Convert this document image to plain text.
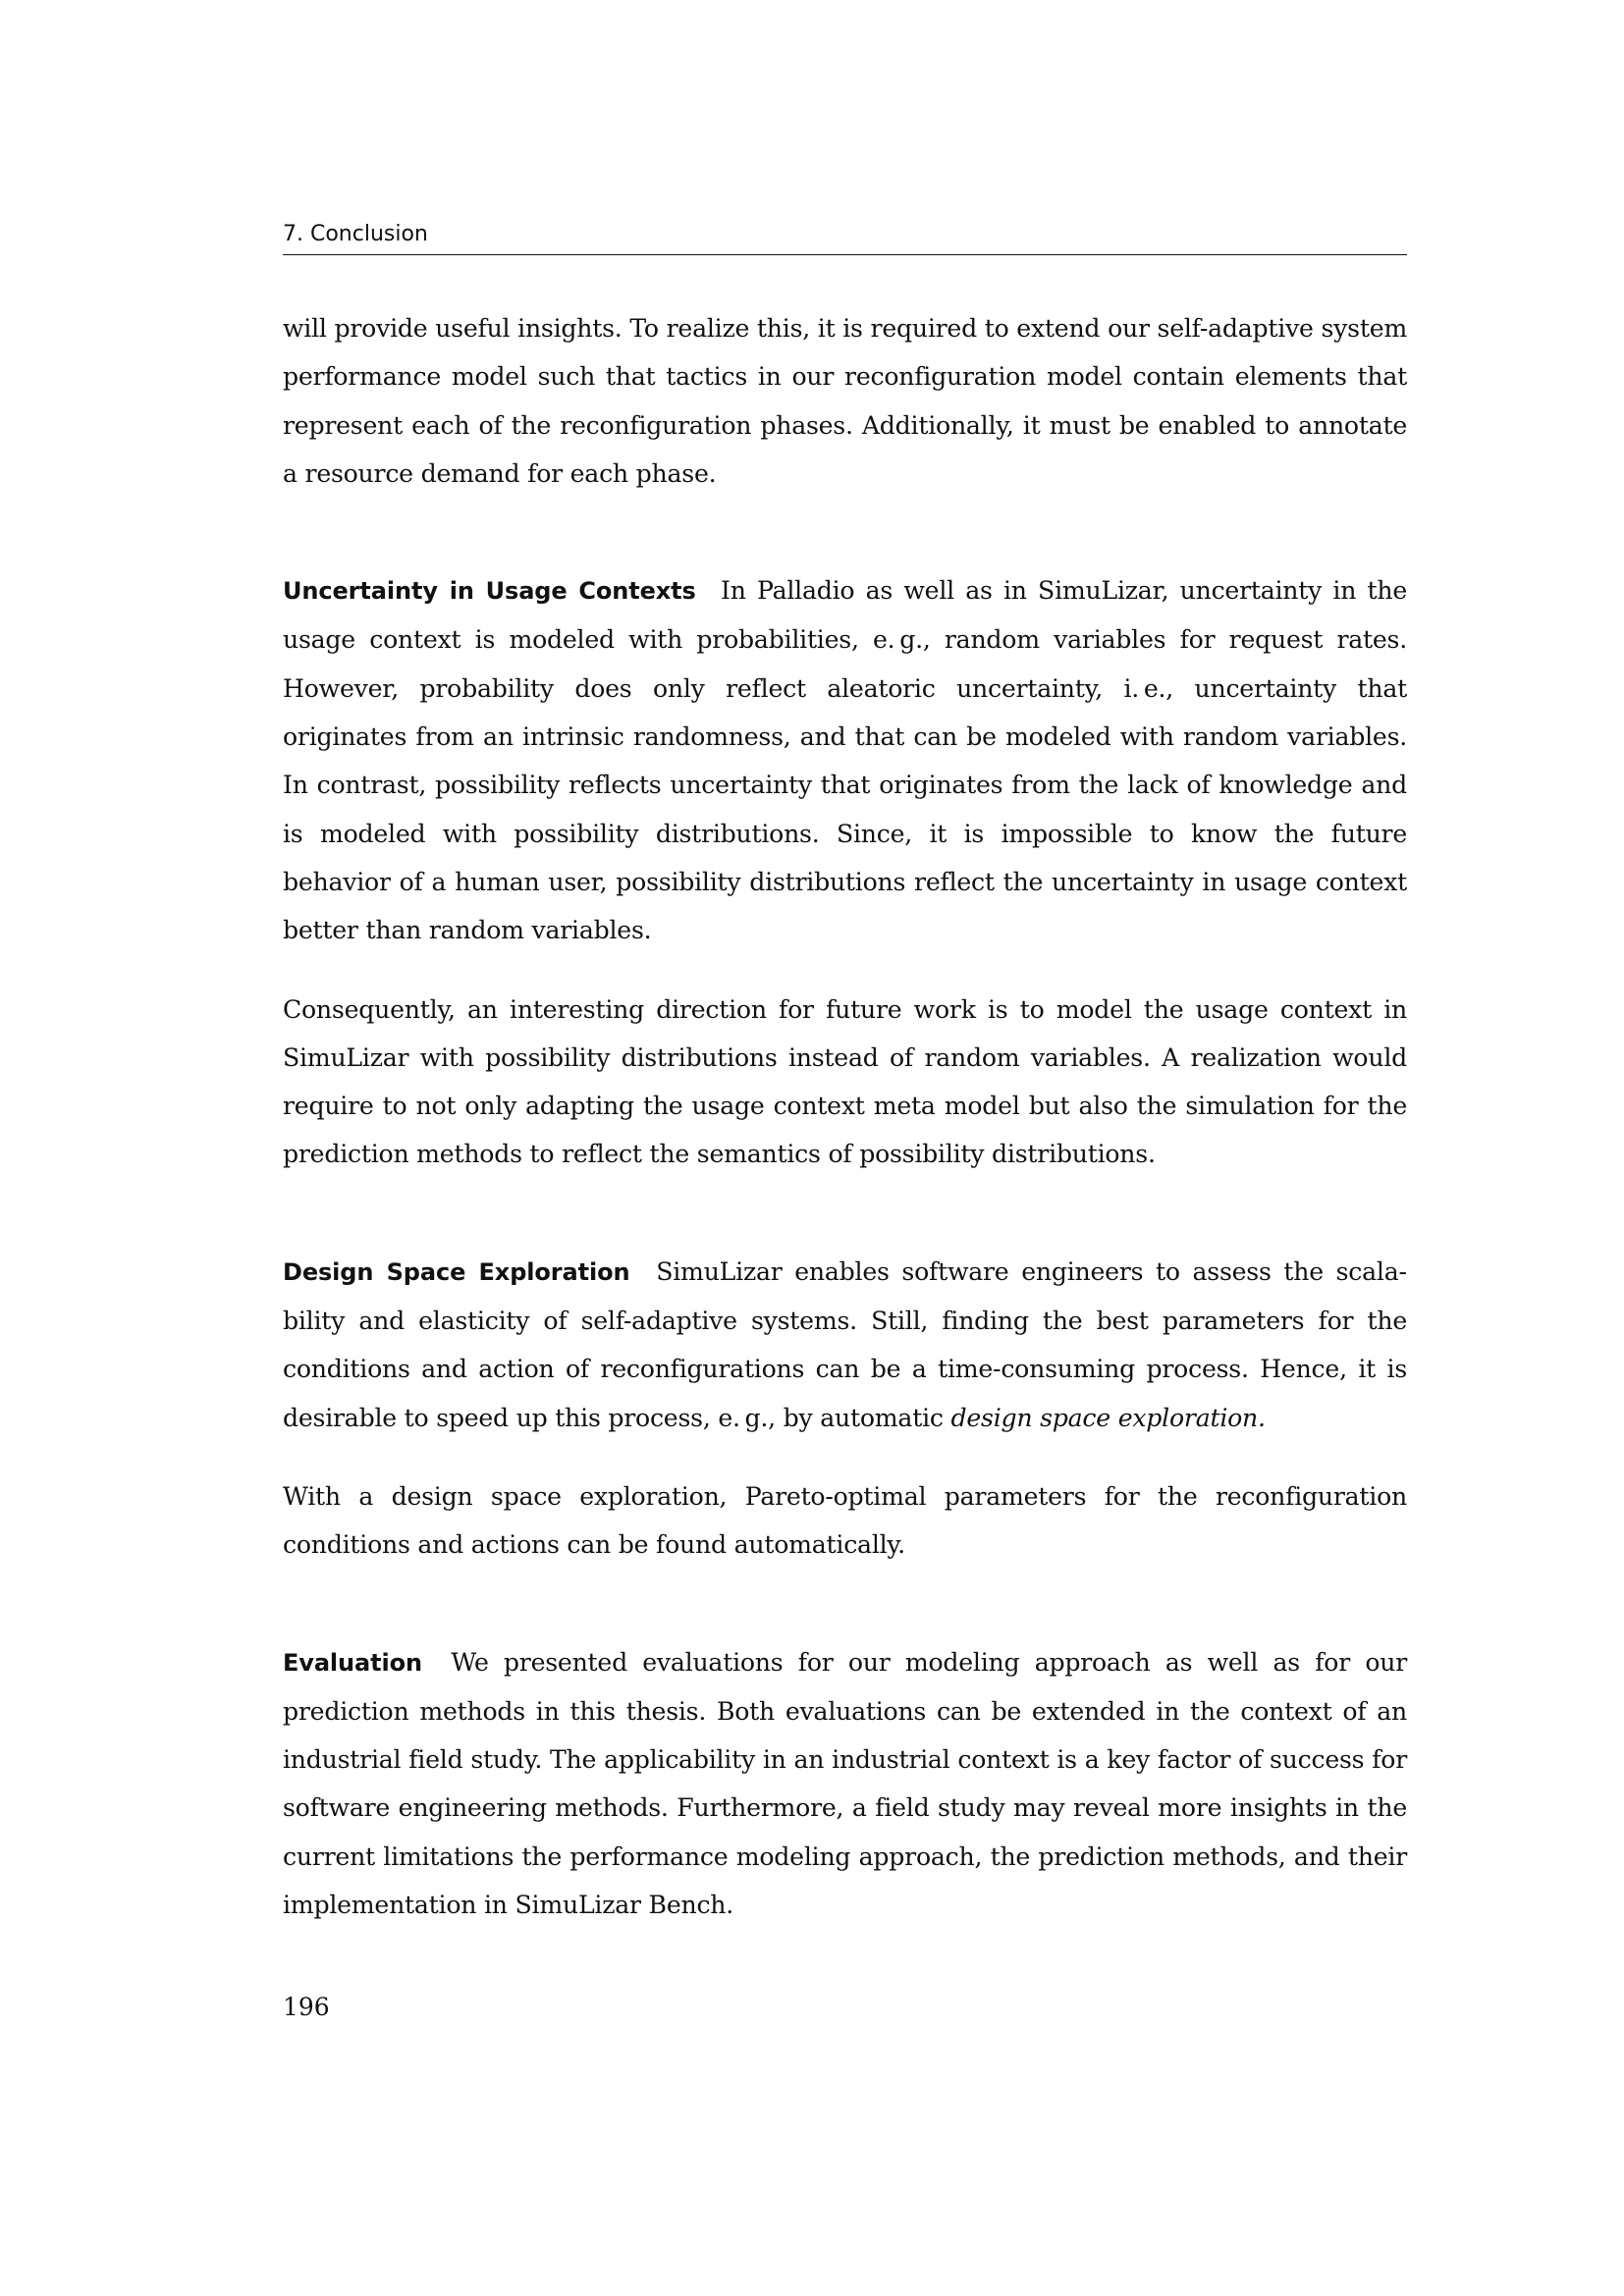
7. Conclusion

will provide useful insights. To realize this, it is required to extend our self-adaptive system performance model such that tactics in our reconfiguration model contain elements that represent each of the reconfiguration phases. Additionally, it must be enabled to annotate a resource demand for each phase.

Uncertainty in Usage Contexts In Palladio as well as in SimuLizar, uncertainty in the usage context is modeled with probabilities, e. g., random variables for request rates. However, probability does only reflect aleatoric uncertainty, i. e., uncertainty that originates from an intrinsic randomness, and that can be modeled with random variables. In contrast, possibility reflects uncertainty that originates from the lack of knowledge and is modeled with possibility distributions. Since, it is impossible to know the future behavior of a human user, possibility distributions reflect the uncertainty in usage context better than random variables.

Consequently, an interesting direction for future work is to model the usage context in SimuLizar with possibility distributions instead of random variables. A realization would require to not only adapting the usage context meta model but also the simulation for the prediction methods to reflect the semantics of possibility distributions.

Design Space Exploration SimuLizar enables software engineers to assess the scalability and elasticity of self-adaptive systems. Still, finding the best parameters for the conditions and action of reconfigurations can be a time-consuming process. Hence, it is desirable to speed up this process, e. g., by automatic design space exploration.

With a design space exploration, Pareto-optimal parameters for the reconfiguration conditions and actions can be found automatically.

Evaluation We presented evaluations for our modeling approach as well as for our prediction methods in this thesis. Both evaluations can be extended in the context of an industrial field study. The applicability in an industrial context is a key factor of success for software engineering methods. Furthermore, a field study may reveal more insights in the current limitations the performance modeling approach, the prediction methods, and their implementation in SimuLizar Bench.

196
